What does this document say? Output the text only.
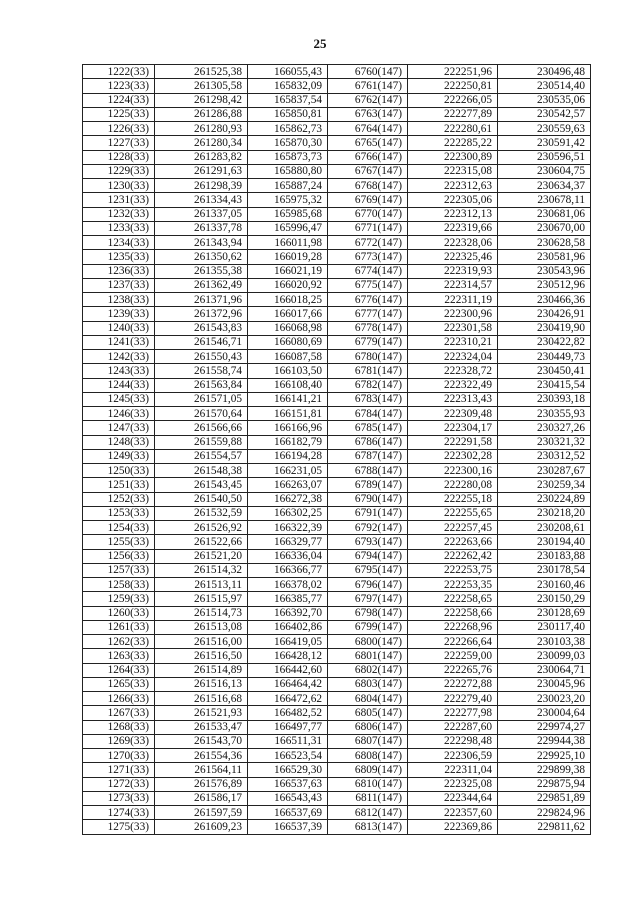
25
1222(33)	261525,38	166055,43	6760(147)	222251,96	230496,48
1223(33)	261305,58	165832,09	6761(147)	222250,81	230514,40
1224(33)	261298,42	165837,54	6762(147)	222266,05	230535,06
1225(33)	261286,88	165850,81	6763(147)	222277,89	230542,57
1226(33)	261280,93	165862,73	6764(147)	222280,61	230559,63
1227(33)	261280,34	165870,30	6765(147)	222285,22	230591,42
1228(33)	261283,82	165873,73	6766(147)	222300,89	230596,51
1229(33)	261291,63	165880,80	6767(147)	222315,08	230604,75
1230(33)	261298,39	165887,24	6768(147)	222312,63	230634,37
1231(33)	261334,43	165975,32	6769(147)	222305,06	230678,11
1232(33)	261337,05	165985,68	6770(147)	222312,13	230681,06
1233(33)	261337,78	165996,47	6771(147)	222319,66	230670,00
1234(33)	261343,94	166011,98	6772(147)	222328,06	230628,58
1235(33)	261350,62	166019,28	6773(147)	222325,46	230581,96
1236(33)	261355,38	166021,19	6774(147)	222319,93	230543,96
1237(33)	261362,49	166020,92	6775(147)	222314,57	230512,96
1238(33)	261371,96	166018,25	6776(147)	222311,19	230466,36
1239(33)	261372,96	166017,66	6777(147)	222300,96	230426,91
1240(33)	261543,83	166068,98	6778(147)	222301,58	230419,90
1241(33)	261546,71	166080,69	6779(147)	222310,21	230422,82
1242(33)	261550,43	166087,58	6780(147)	222324,04	230449,73
1243(33)	261558,74	166103,50	6781(147)	222328,72	230450,41
1244(33)	261563,84	166108,40	6782(147)	222322,49	230415,54
1245(33)	261571,05	166141,21	6783(147)	222313,43	230393,18
1246(33)	261570,64	166151,81	6784(147)	222309,48	230355,93
1247(33)	261566,66	166166,96	6785(147)	222304,17	230327,26
1248(33)	261559,88	166182,79	6786(147)	222291,58	230321,32
1249(33)	261554,57	166194,28	6787(147)	222302,28	230312,52
1250(33)	261548,38	166231,05	6788(147)	222300,16	230287,67
1251(33)	261543,45	166263,07	6789(147)	222280,08	230259,34
1252(33)	261540,50	166272,38	6790(147)	222255,18	230224,89
1253(33)	261532,59	166302,25	6791(147)	222255,65	230218,20
1254(33)	261526,92	166322,39	6792(147)	222257,45	230208,61
1255(33)	261522,66	166329,77	6793(147)	222263,66	230194,40
1256(33)	261521,20	166336,04	6794(147)	222262,42	230183,88
1257(33)	261514,32	166366,77	6795(147)	222253,75	230178,54
1258(33)	261513,11	166378,02	6796(147)	222253,35	230160,46
1259(33)	261515,97	166385,77	6797(147)	222258,65	230150,29
1260(33)	261514,73	166392,70	6798(147)	222258,66	230128,69
1261(33)	261513,08	166402,86	6799(147)	222268,96	230117,40
1262(33)	261516,00	166419,05	6800(147)	222266,64	230103,38
1263(33)	261516,50	166428,12	6801(147)	222259,00	230099,03
1264(33)	261514,89	166442,60	6802(147)	222265,76	230064,71
1265(33)	261516,13	166464,42	6803(147)	222272,88	230045,96
1266(33)	261516,68	166472,62	6804(147)	222279,40	230023,20
1267(33)	261521,93	166482,52	6805(147)	222277,98	230004,64
1268(33)	261533,47	166497,77	6806(147)	222287,60	229974,27
1269(33)	261543,70	166511,31	6807(147)	222298,48	229944,38
1270(33)	261554,36	166523,54	6808(147)	222306,59	229925,10
1271(33)	261564,11	166529,30	6809(147)	222311,04	229899,38
1272(33)	261576,89	166537,63	6810(147)	222325,08	229875,94
1273(33)	261586,17	166543,43	6811(147)	222344,64	229851,89
1274(33)	261597,59	166537,69	6812(147)	222357,60	229824,96
1275(33)	261609,23	166537,39	6813(147)	222369,86	229811,62
